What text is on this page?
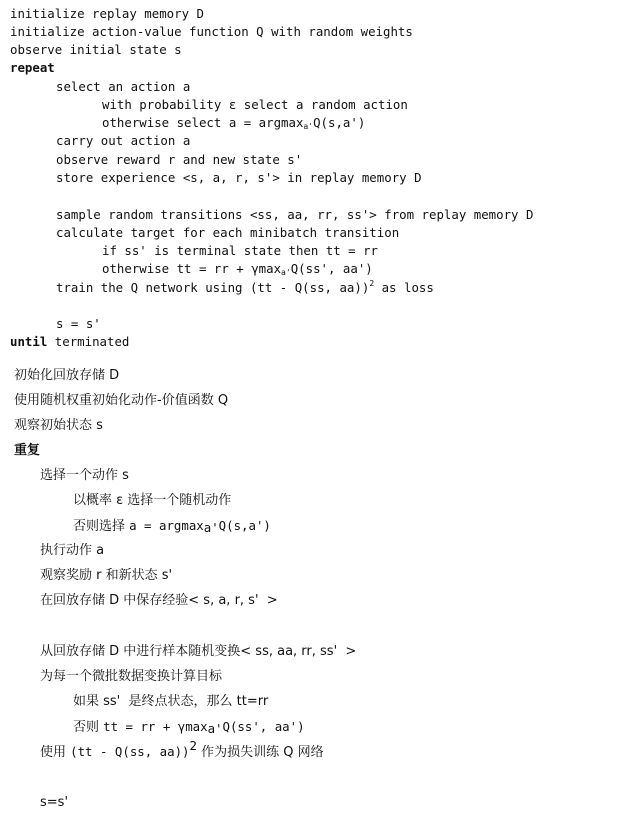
initialize replay memory D
initialize action-value function Q with random weights
observe initial state s
repeat
select an action a
with probability ε select a random action
otherwise select a = argmax$_{a'}$Q(s,a')
carry out action a
observe reward r and new state s'
store experience <s, a, r, s'> in replay memory D
sample random transitions <ss, aa, rr, ss'> from replay memory D
calculate target for each minibatch transition
if ss' is terminal state then tt = rr
otherwise tt = rr + γmax$_{a'}$Q(ss', aa')
train the Q network using (tt - Q(ss, aa))$^2$ as loss
s = s'
until terminated
初始化回放存储 D
使用随机权重初始化动作-价值函数 Q
观察初始状态 s
重复
选择一个动作 s
以概率 ε 选择一个随机动作
否则选择 a = argmax$_{a'}$Q(s,a')
执行动作 a
观察奖励 r 和新状态 s'
在回放存储 D 中保存经验< s, a, r, s'  >
从回放存储 D 中进行样本随机变换< ss, aa, rr, ss'  >
为每一个微批数据变换计算目标
如果 ss'  是终点状态，那么 tt=rr
否则 tt = rr + γmax$_{a'}$Q(ss', aa')
使用 (tt - Q(ss, aa))$^2$ 作为损失训练 Q 网络
s=s'
